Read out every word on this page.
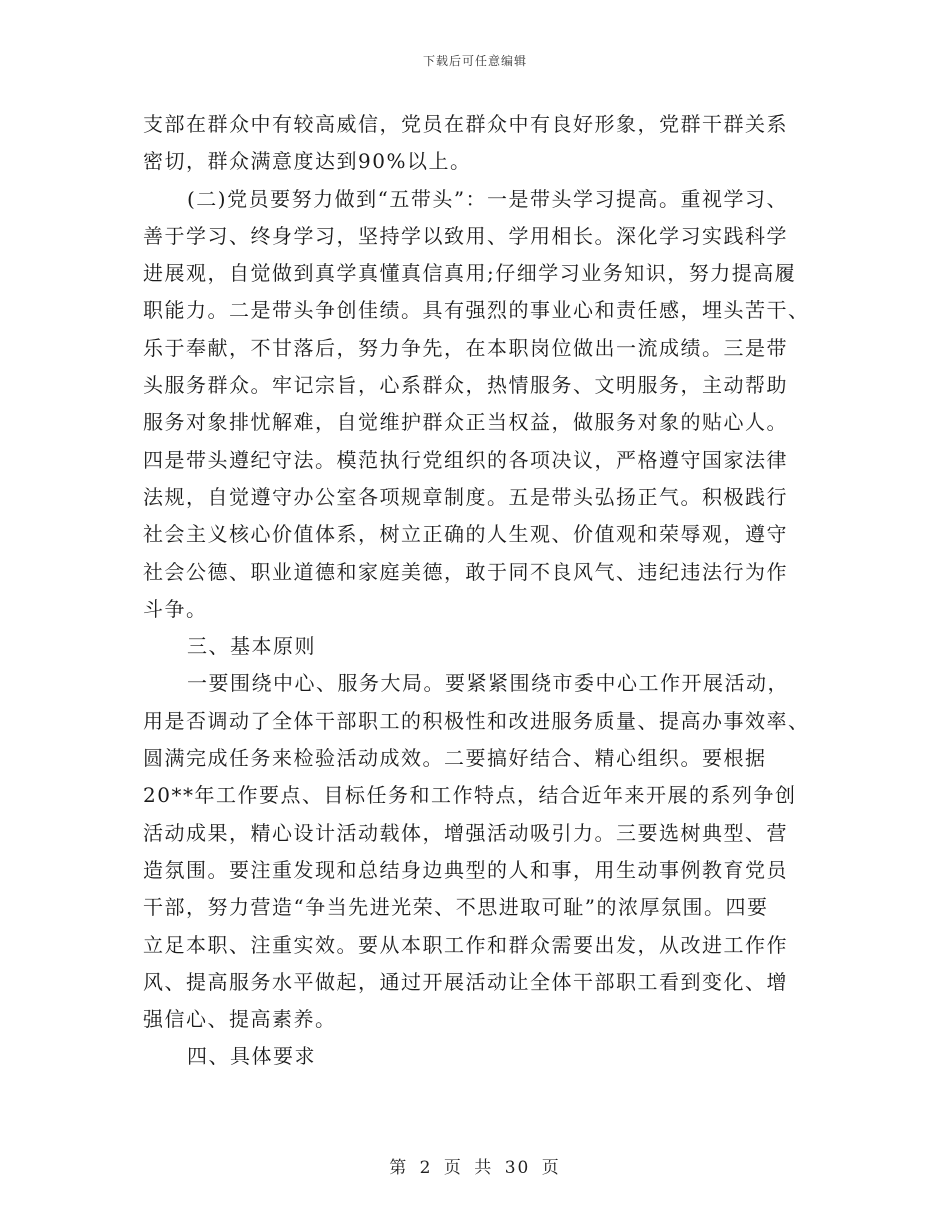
下载后可任意编辑
支部在群众中有较高威信，党员在群众中有良好形象，党群干群关系
密切，群众满意度达到90%以上。
(二)党员要努力做到“五带头”：一是带头学习提高。重视学习、
善于学习、终身学习，坚持学以致用、学用相长。深化学习实践科学
进展观，自觉做到真学真懂真信真用;仔细学习业务知识，努力提高履
职能力。二是带头争创佳绩。具有强烈的事业心和责任感，埋头苦干、
乐于奉献，不甘落后，努力争先，在本职岗位做出一流成绩。三是带
头服务群众。牢记宗旨，心系群众，热情服务、文明服务，主动帮助
服务对象排忧解难，自觉维护群众正当权益，做服务对象的贴心人。
四是带头遵纪守法。模范执行党组织的各项决议，严格遵守国家法律
法规，自觉遵守办公室各项规章制度。五是带头弘扬正气。积极践行
社会主义核心价值体系，树立正确的人生观、价值观和荣辱观，遵守
社会公德、职业道德和家庭美德，敢于同不良风气、违纪违法行为作
斗争。
三、基本原则
一要围绕中心、服务大局。要紧紧围绕市委中心工作开展活动，
用是否调动了全体干部职工的积极性和改进服务质量、提高办事效率、
圆满完成任务来检验活动成效。二要搞好结合、精心组织。要根据
20**年工作要点、目标任务和工作特点，结合近年来开展的系列争创
活动成果，精心设计活动载体，增强活动吸引力。三要选树典型、营
造氛围。要注重发现和总结身边典型的人和事，用生动事例教育党员
干部，努力营造“争当先进光荣、不思进取可耻”的浓厚氛围。四要
立足本职、注重实效。要从本职工作和群众需要出发，从改进工作作
风、提高服务水平做起，通过开展活动让全体干部职工看到变化、增
强信心、提高素养。
四、具体要求
第 2 页 共 30 页
